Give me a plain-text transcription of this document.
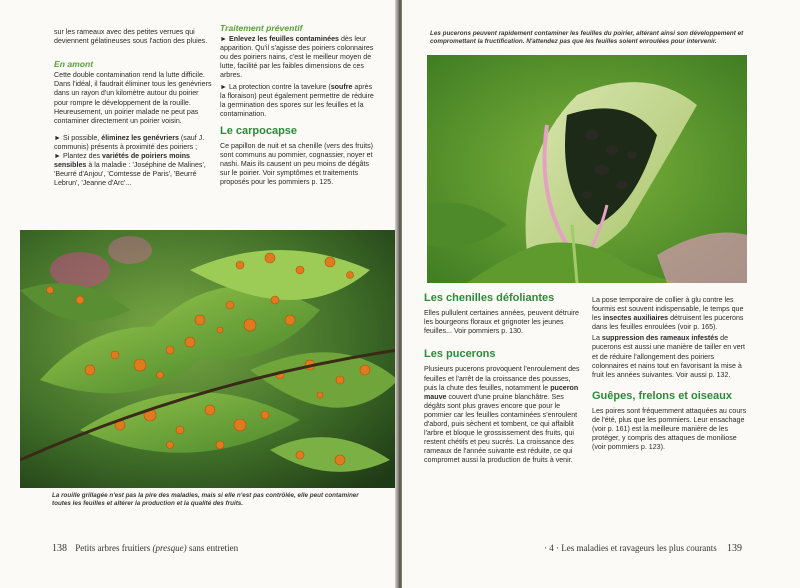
sur les rameaux avec des petites verrues qui deviennent gélatineuses sous l'action des pluies.

En amont

Cette double contamination rend la lutte difficile. Dans l'idéal, il faudrait éliminer tous les genévriers dans un rayon d'un kilomètre autour du poirier pour rompre le développement de la rouille. Heureusement, un poirier malade ne peut pas contaminer directement un poirier voisin.

► Si possible, éliminez les genévriers (sauf J. communis) présents à proximité des poiriers ;

► Plantez des variétés de poiriers moins sensibles à la maladie : 'Joséphine de Malines', 'Beurré d'Anjou', 'Comtesse de Paris', 'Beurré Lebrun', 'Jeanne d'Arc'...

Traitement préventif

► Enlevez les feuilles contaminées dès leur apparition. Qu'il s'agisse des poiriers colonnaires ou des poiriers nains, c'est le meilleur moyen de lutte, facilité par les faibles dimensions de ces arbres.

► La protection contre la tavelure (soufre après la floraison) peut également permettre de réduire la germination des spores sur les feuilles et la contamination.

Le carpocapse

Ce papillon de nuit et sa chenille (vers des fruits) sont communs au pommier, cognassier, noyer et nashi. Mais ils causent un peu moins de dégâts sur le poirier. Voir symptômes et traitements proposés pour les pommiers p. 125.

La rouille grillagée n'est pas la pire des maladies, mais si elle n'est pas contrôlée, elle peut contaminer toutes les feuilles et altérer la production et la qualité des fruits.
138 Petits arbres fruitiers (presque) sans entretien
Les pucerons peuvent rapidement contaminer les feuilles du poirier, altérant ainsi son développement et compromettant la fructification. N'attendez pas que les feuilles soient enroulées pour intervenir.
Les chenilles défoliantes

Elles pullulent certaines années, peuvent détruire les bourgeons floraux et grignoter les jeunes feuilles... Voir pommiers p. 130.

Les pucerons

Plusieurs pucerons provoquent l'enroulement des feuilles et l'arrêt de la croissance des pousses, puis la chute des feuilles, notamment le puceron mauve couvert d'une pruine blanchâtre. Ses dégâts sont plus graves encore que pour le pommier car les feuilles contaminées s'enroulent d'abord, puis sèchent et tombent, ce qui affaiblit l'arbre et bloque le grossissement des fruits, qui restent chétifs et peu sucrés. La croissance des rameaux de l'année suivante est réduite, ce qui compromet aussi la production de fruits à venir.

La pose temporaire de collier à glu contre les fourmis est souvent indispensable, le temps que les insectes auxiliaires détruisent les pucerons dans les feuilles enroulées (voir p. 165).

La suppression des rameaux infestés de pucerons est aussi une manière de tailler en vert et de réduire l'allongement des poiriers colonnaires et nains tout en favorisant la mise à fruit les années suivantes. Voir aussi p. 132.

Guêpes, frelons et oiseaux

Les poires sont fréquemment attaquées au cours de l'été, plus que les pommiers. Leur ensachage (voir p. 161) est la meilleure manière de les protéger, y compris des attaques de moniliose (voir pommiers p. 123).

· 4 · Les maladies et ravageurs les plus courants 139
